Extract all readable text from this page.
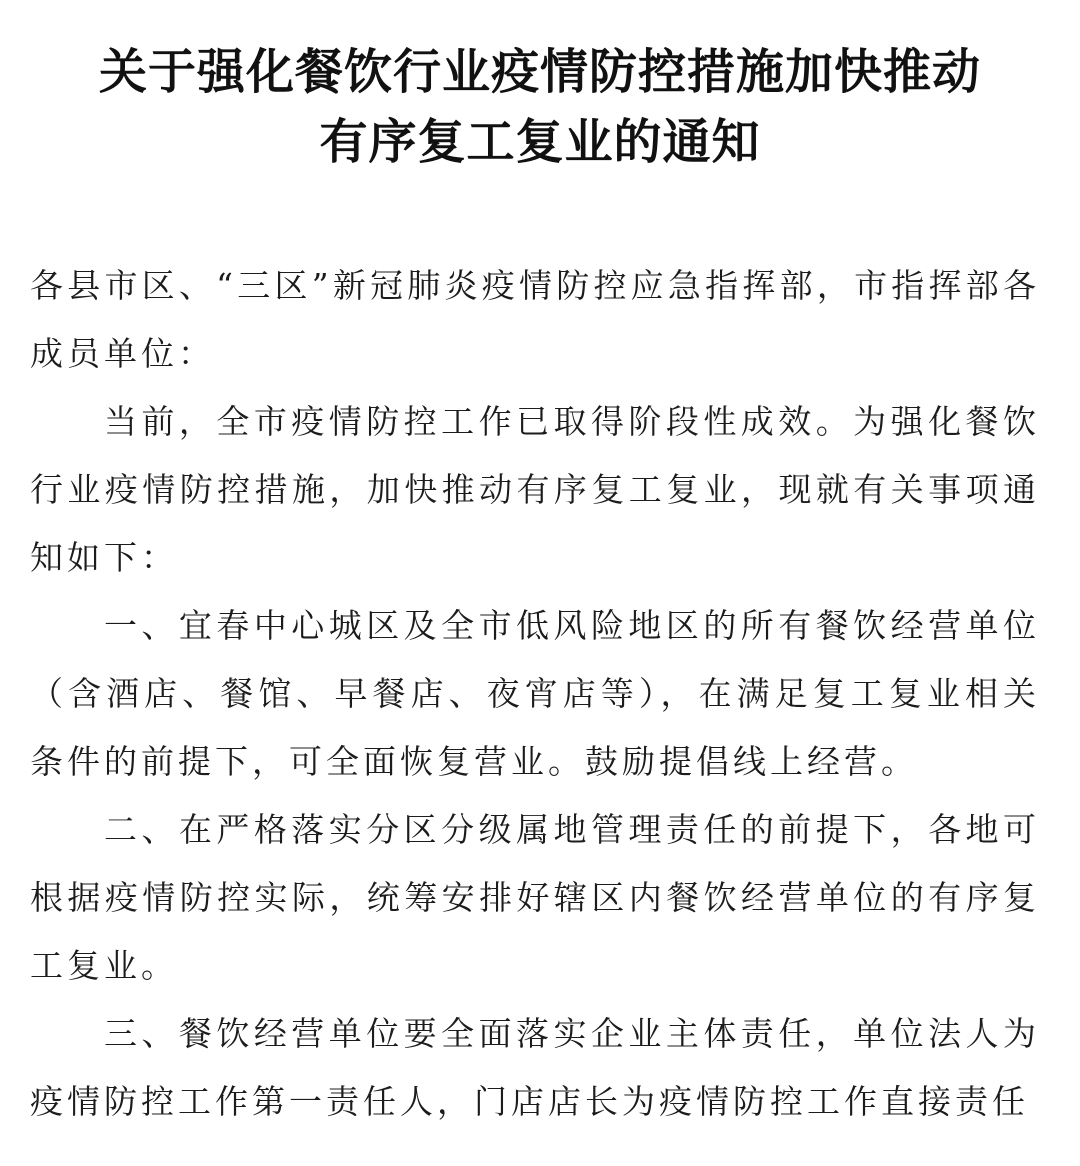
关于强化餐饮行业疫情防控措施加快推动
有序复工复业的通知

各县市区、“三区”新冠肺炎疫情防控应急指挥部，市指挥部各成员单位：

当前，全市疫情防控工作已取得阶段性成效。为强化餐饮行业疫情防控措施，加快推动有序复工复业，现就有关事项通知如下：

一、宜春中心城区及全市低风险地区的所有餐饮经营单位（含酒店、餐馆、早餐店、夜宵店等），在满足复工复业相关条件的前提下，可全面恢复营业。鼓励提倡线上经营。

二、在严格落实分区分级属地管理责任的前提下，各地可根据疫情防控实际，统筹安排好辖区内餐饮经营单位的有序复工复业。

三、餐饮经营单位要全面落实企业主体责任，单位法人为疫情防控工作第一责任人，门店店长为疫情防控工作直接责任
